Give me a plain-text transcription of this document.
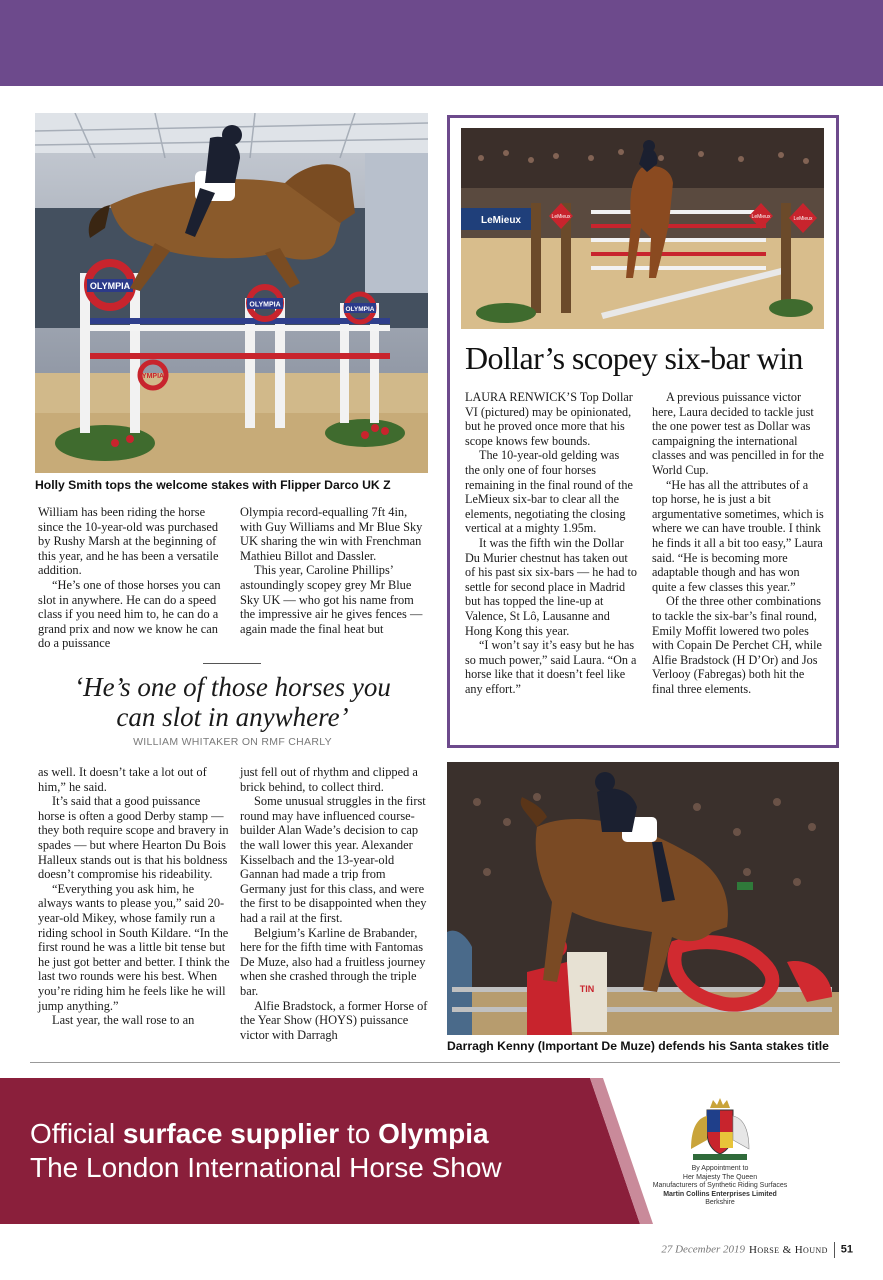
OLYMPIA
OLYMPIA
OLYMPIA
YMPIA
Holly Smith tops the welcome stakes with Flipper Darco UK Z

William has been riding the horse since the 10-year-old was purchased by Rushy Marsh at the beginning of this year, and he has been a versatile addition.

“He’s one of those horses you can slot in anywhere. He can do a speed class if you need him to, he can do a grand prix and now we know he can do a puissance

Olympia record-equalling 7ft 4in, with Guy Williams and Mr Blue Sky UK sharing the win with Frenchman Mathieu Billot and Dassler.

This year, Caroline Phillips’ astoundingly scopey grey Mr Blue Sky UK — who got his name from the impressive air he gives fences — again made the final heat but

‘He’s one of those horses you can slot in anywhere’
WILLIAM WHITAKER ON RMF CHARLY

as well. It doesn’t take a lot out of him,” he said.

It’s said that a good puissance horse is often a good Derby stamp — they both require scope and bravery in spades — but where Hearton Du Bois Halleux stands out is that his boldness doesn’t compromise his rideability.

“Everything you ask him, he always wants to please you,” said 20-year-old Mikey, whose family run a riding school in South Kildare. “In the first round he was a little bit tense but he just got better and better. I think the last two rounds were his best. When you’re riding him he feels like he will jump anything.”

Last year, the wall rose to an

just fell out of rhythm and clipped a brick behind, to collect third.

Some unusual struggles in the first round may have influenced course-builder Alan Wade’s decision to cap the wall lower this year. Alexander Kisselbach and the 13-year-old Gannan had made a trip from Germany just for this class, and were the first to be disappointed when they had a rail at the first.

Belgium’s Karline de Brabander, here for the fifth time with Fantomas De Muze, also had a fruitless journey when she crashed through the triple bar.

Alfie Bradstock, a former Horse of the Year Show (HOYS) puissance victor with Darragh

LeMieux	LeMieux	LeMieux	LeMieux
Dollar’s scopey six-bar win

LAURA RENWICK’S Top Dollar VI (pictured) may be opinionated, but he proved once more that his scope knows few bounds.

The 10-year-old gelding was the only one of four horses remaining in the final round of the LeMieux six-bar to clear all the elements, negotiating the closing vertical at a mighty 1.95m.

It was the fifth win the Dollar Du Murier chestnut has taken out of his past six six-bars — he had to settle for second place in Madrid but has topped the line-up at Valence, St Lô, Lausanne and Hong Kong this year.

“I won’t say it’s easy but he has so much power,” said Laura. “On a horse like that it doesn’t feel like any effort.”

A previous puissance victor here, Laura decided to tackle just the one power test as Dollar was campaigning the international classes and was pencilled in for the World Cup.

“He has all the attributes of a top horse, he is just a bit argumentative sometimes, which is where we can have trouble. I think he finds it all a bit too easy,” Laura said. “He is becoming more adaptable though and has won quite a few classes this year.”

Of the three other combinations to tackle the six-bar’s final round, Emily Moffit lowered two poles with Copain De Perchet CH, while Alfie Bradstock (H D’Or) and Jos Verlooy (Fabregas) both hit the final three elements.

TIN
Darragh Kenny (Important De Muze) defends his Santa stakes title
Official surface supplier to Olympia
The London International Horse Show	By Appointment to
Her Majesty The Queen
Manufacturers of Synthetic Riding Surfaces
Martin Collins Enterprises Limited
Berkshire
27 December 2019 Horse & Hound 51
